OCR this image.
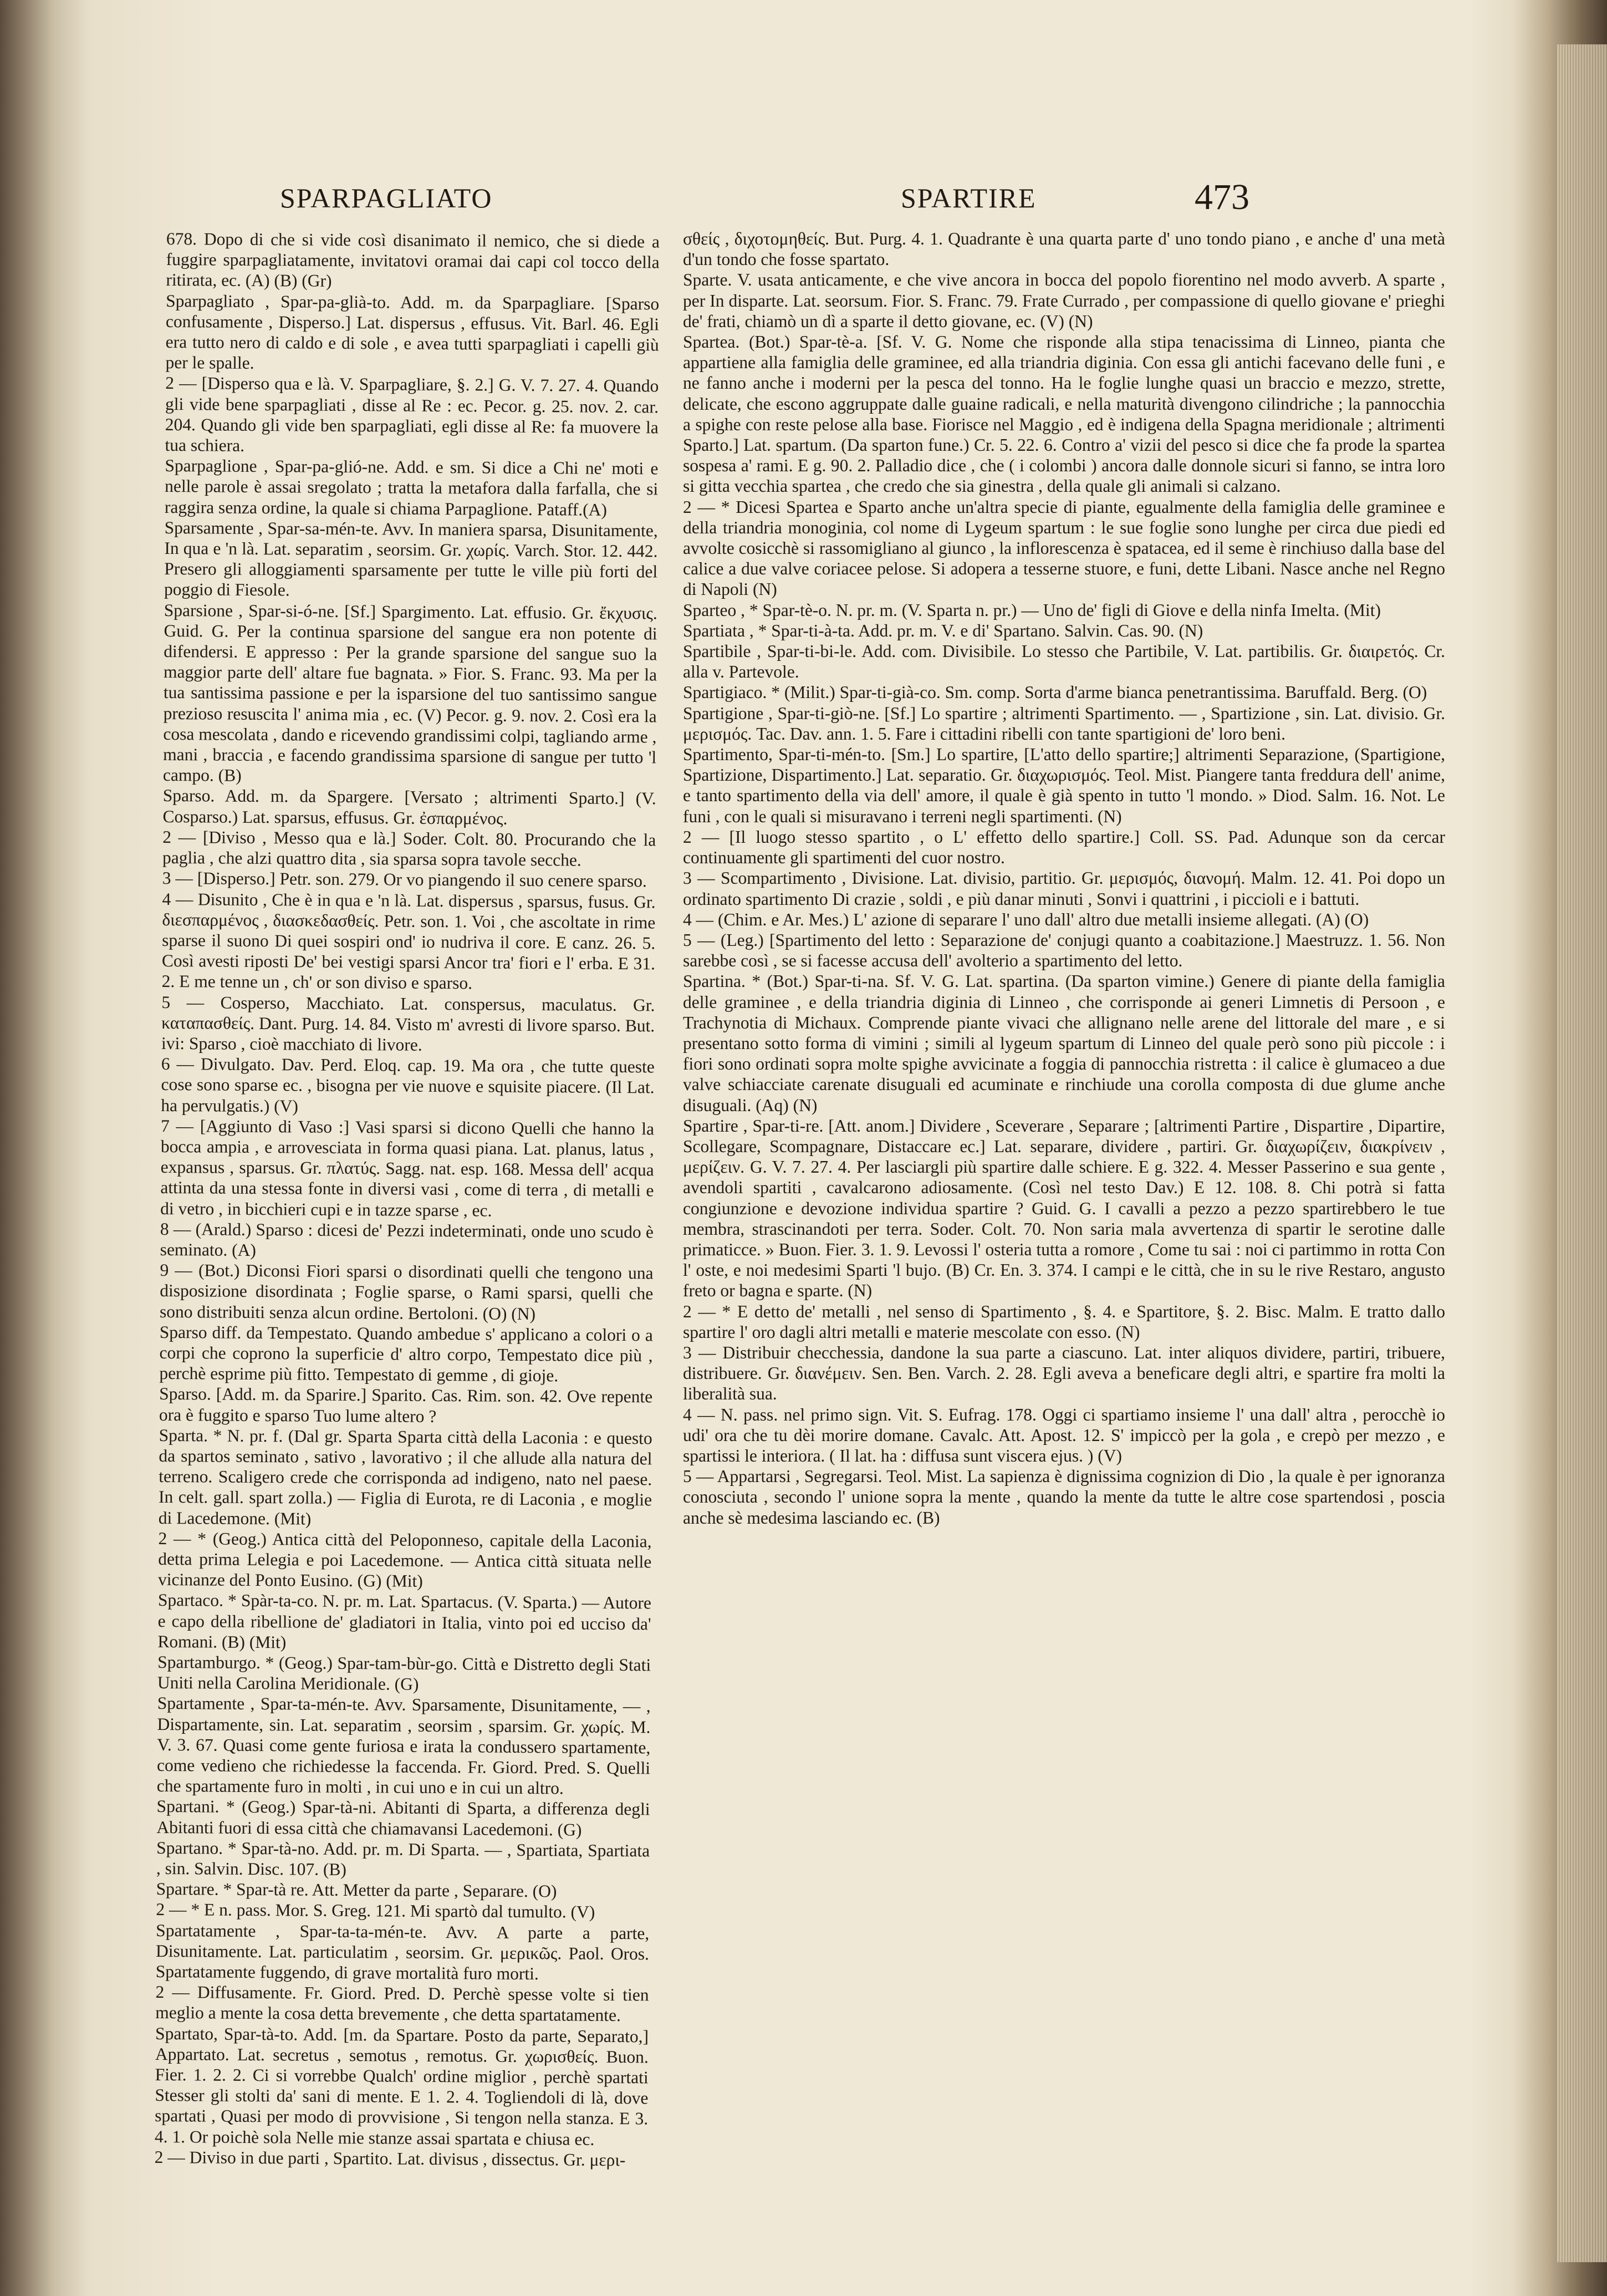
SPARPAGLIATO	SPARTIRE	473

678. Dopo di che si vide così disanimato il nemico, che si diede a fuggire sparpagliatamente, invitatovi oramai dai capi col tocco della ritirata, ec. (A) (B) (Gr)

Sparpagliato , Spar-pa-glià-to. Add. m. da Sparpagliare. [Sparso confusamente , Disperso.] Lat. dispersus , effusus. Vit. Barl. 46. Egli era tutto nero di caldo e di sole , e avea tutti sparpagliati i capelli giù per le spalle.

2 — [Disperso qua e là. V. Sparpagliare, §. 2.] G. V. 7. 27. 4. Quando gli vide bene sparpagliati , disse al Re : ec. Pecor. g. 25. nov. 2. car. 204. Quando gli vide ben sparpagliati, egli disse al Re: fa muovere la tua schiera.

Sparpaglione , Spar-pa-glió-ne. Add. e sm. Si dice a Chi ne' moti e nelle parole è assai sregolato ; tratta la metafora dalla farfalla, che si raggira senza ordine, la quale si chiama Parpaglione. Pataff.(A)

Sparsamente , Spar-sa-mén-te. Avv. In maniera sparsa, Disunitamente, In qua e 'n là. Lat. separatim , seorsim. Gr. χωρίς. Varch. Stor. 12. 442. Presero gli alloggiamenti sparsamente per tutte le ville più forti del poggio di Fiesole.

Sparsione , Spar-si-ó-ne. [Sf.] Spargimento. Lat. effusio. Gr. ἔκχυσις. Guid. G. Per la continua sparsione del sangue era non potente di difendersi. E appresso : Per la grande sparsione del sangue suo la maggior parte dell' altare fue bagnata. » Fior. S. Franc. 93. Ma per la tua santissima passione e per la isparsione del tuo santissimo sangue prezioso resuscita l' anima mia , ec. (V) Pecor. g. 9. nov. 2. Così era la cosa mescolata , dando e ricevendo grandissimi colpi, tagliando arme , mani , braccia , e facendo grandissima sparsione di sangue per tutto 'l campo. (B)

Sparso. Add. m. da Spargere. [Versato ; altrimenti Sparto.] (V. Cosparso.) Lat. sparsus, effusus. Gr. ἐσπαρμένος.

2 — [Diviso , Messo qua e là.] Soder. Colt. 80. Procurando che la paglia , che alzi quattro dita , sia sparsa sopra tavole secche.

3 — [Disperso.] Petr. son. 279. Or vo piangendo il suo cenere sparso.

4 — Disunito , Che è in qua e 'n là. Lat. dispersus , sparsus, fusus. Gr. διεσπαρμένος , διασκεδασθείς. Petr. son. 1. Voi , che ascoltate in rime sparse il suono Di quei sospiri ond' io nudriva il core. E canz. 26. 5. Così avesti riposti De' bei vestigi sparsi Ancor tra' fiori e l' erba. E 31. 2. E me tenne un , ch' or son diviso e sparso.

5 — Cosperso, Macchiato. Lat. conspersus, maculatus. Gr. καταπασθείς. Dant. Purg. 14. 84. Visto m' avresti di livore sparso. But. ivi: Sparso , cioè macchiato di livore.

6 — Divulgato. Dav. Perd. Eloq. cap. 19. Ma ora , che tutte queste cose sono sparse ec. , bisogna per vie nuove e squisite piacere. (Il Lat. ha pervulgatis.) (V)

7 — [Aggiunto di Vaso :] Vasi sparsi si dicono Quelli che hanno la bocca ampia , e arrovesciata in forma quasi piana. Lat. planus, latus , expansus , sparsus. Gr. πλατύς. Sagg. nat. esp. 168. Messa dell' acqua attinta da una stessa fonte in diversi vasi , come di terra , di metalli e di vetro , in bicchieri cupi e in tazze sparse , ec.

8 — (Arald.) Sparso : dicesi de' Pezzi indeterminati, onde uno scudo è seminato. (A)

9 — (Bot.) Diconsi Fiori sparsi o disordinati quelli che tengono una disposizione disordinata ; Foglie sparse, o Rami sparsi, quelli che sono distribuiti senza alcun ordine. Bertoloni. (O) (N)

Sparso diff. da Tempestato. Quando ambedue s' applicano a colori o a corpi che coprono la superficie d' altro corpo, Tempestato dice più , perchè esprime più fitto. Tempestato di gemme , di gioje.

Sparso. [Add. m. da Sparire.] Sparito. Cas. Rim. son. 42. Ove repente ora è fuggito e sparso Tuo lume altero ?

Sparta. * N. pr. f. (Dal gr. Sparta Sparta città della Laconia : e questo da spartos seminato , sativo , lavorativo ; il che allude alla natura del terreno. Scaligero crede che corrisponda ad indigeno, nato nel paese. In celt. gall. spart zolla.) — Figlia di Eurota, re di Laconia , e moglie di Lacedemone. (Mit)

2 — * (Geog.) Antica città del Peloponneso, capitale della Laconia, detta prima Lelegia e poi Lacedemone. — Antica città situata nelle vicinanze del Ponto Eusino. (G) (Mit)

Spartaco. * Spàr-ta-co. N. pr. m. Lat. Spartacus. (V. Sparta.) — Autore e capo della ribellione de' gladiatori in Italia, vinto poi ed ucciso da' Romani. (B) (Mit)

Spartamburgo. * (Geog.) Spar-tam-bùr-go. Città e Distretto degli Stati Uniti nella Carolina Meridionale. (G)

Spartamente , Spar-ta-mén-te. Avv. Sparsamente, Disunitamente, — , Dispartamente, sin. Lat. separatim , seorsim , sparsim. Gr. χωρίς. M. V. 3. 67. Quasi come gente furiosa e irata la condussero spartamente, come vedieno che richiedesse la faccenda. Fr. Giord. Pred. S. Quelli che spartamente furo in molti , in cui uno e in cui un altro.

Spartani. * (Geog.) Spar-tà-ni. Abitanti di Sparta, a differenza degli Abitanti fuori di essa città che chiamavansi Lacedemoni. (G)

Spartano. * Spar-tà-no. Add. pr. m. Di Sparta. — , Spartiata, Spartiata , sin. Salvin. Disc. 107. (B)

Spartare. * Spar-tà re. Att. Metter da parte , Separare. (O)

2 — * E n. pass. Mor. S. Greg. 121. Mi spartò dal tumulto. (V)

Spartatamente , Spar-ta-ta-mén-te. Avv. A parte a parte, Disunitamente. Lat. particulatim , seorsim. Gr. μερικῶς. Paol. Oros. Spartatamente fuggendo, di grave mortalità furo morti.

2 — Diffusamente. Fr. Giord. Pred. D. Perchè spesse volte si tien meglio a mente la cosa detta brevemente , che detta spartatamente.

Spartato, Spar-tà-to. Add. [m. da Spartare. Posto da parte, Separato,] Appartato. Lat. secretus , semotus , remotus. Gr. χωρισθείς. Buon. Fier. 1. 2. 2. Ci si vorrebbe Qualch' ordine miglior , perchè spartati Stesser gli stolti da' sani di mente. E 1. 2. 4. Togliendoli di là, dove spartati , Quasi per modo di provvisione , Si tengon nella stanza. E 3. 4. 1. Or poichè sola Nelle mie stanze assai spartata e chiusa ec.

2 — Diviso in due parti , Spartito. Lat. divisus , dissectus. Gr. μερι-

σθείς , διχοτομηθείς. But. Purg. 4. 1. Quadrante è una quarta parte d' uno tondo piano , e anche d' una metà d'un tondo che fosse spartato.

Sparte. V. usata anticamente, e che vive ancora in bocca del popolo fiorentino nel modo avverb. A sparte , per In disparte. Lat. seorsum. Fior. S. Franc. 79. Frate Currado , per compassione di quello giovane e' prieghi de' frati, chiamò un dì a sparte il detto giovane, ec. (V) (N)

Spartea. (Bot.) Spar-tè-a. [Sf. V. G. Nome che risponde alla stipa tenacissima di Linneo, pianta che appartiene alla famiglia delle graminee, ed alla triandria diginia. Con essa gli antichi facevano delle funi , e ne fanno anche i moderni per la pesca del tonno. Ha le foglie lunghe quasi un braccio e mezzo, strette, delicate, che escono aggruppate dalle guaine radicali, e nella maturità divengono cilindriche ; la pannocchia a spighe con reste pelose alla base. Fiorisce nel Maggio , ed è indigena della Spagna meridionale ; altrimenti Sparto.] Lat. spartum. (Da sparton fune.) Cr. 5. 22. 6. Contro a' vizii del pesco si dice che fa prode la spartea sospesa a' rami. E g. 90. 2. Palladio dice , che ( i colombi ) ancora dalle donnole sicuri si fanno, se intra loro si gitta vecchia spartea , che credo che sia ginestra , della quale gli animali si calzano.

2 — * Dicesi Spartea e Sparto anche un'altra specie di piante, egualmente della famiglia delle graminee e della triandria monoginia, col nome di Lygeum spartum : le sue foglie sono lunghe per circa due piedi ed avvolte cosicchè si rassomigliano al giunco , la inflorescenza è spatacea, ed il seme è rinchiuso dalla base del calice a due valve coriacee pelose. Si adopera a tesserne stuore, e funi, dette Libani. Nasce anche nel Regno di Napoli (N)

Sparteo , * Spar-tè-o. N. pr. m. (V. Sparta n. pr.) — Uno de' figli di Giove e della ninfa Imelta. (Mit)

Spartiata , * Spar-ti-à-ta. Add. pr. m. V. e di' Spartano. Salvin. Cas. 90. (N)

Spartibile , Spar-ti-bi-le. Add. com. Divisibile. Lo stesso che Partibile, V. Lat. partibilis. Gr. διαιρετός. Cr. alla v. Partevole.

Spartigiaco. * (Milit.) Spar-ti-già-co. Sm. comp. Sorta d'arme bianca penetrantissima. Baruffald. Berg. (O)

Spartigione , Spar-ti-giò-ne. [Sf.] Lo spartire ; altrimenti Spartimento. — , Spartizione , sin. Lat. divisio. Gr. μερισμός. Tac. Dav. ann. 1. 5. Fare i cittadini ribelli con tante spartigioni de' loro beni.

Spartimento, Spar-ti-mén-to. [Sm.] Lo spartire, [L'atto dello spartire;] altrimenti Separazione, (Spartigione, Spartizione, Dispartimento.] Lat. separatio. Gr. διαχωρισμός. Teol. Mist. Piangere tanta freddura dell' anime, e tanto spartimento della via dell' amore, il quale è già spento in tutto 'l mondo. » Diod. Salm. 16. Not. Le funi , con le quali si misuravano i terreni negli spartimenti. (N)

2 — [Il luogo stesso spartito , o L' effetto dello spartire.] Coll. SS. Pad. Adunque son da cercar continuamente gli spartimenti del cuor nostro.

3 — Scompartimento , Divisione. Lat. divisio, partitio. Gr. μερισμός, διανομή. Malm. 12. 41. Poi dopo un ordinato spartimento Di crazie , soldi , e più danar minuti , Sonvi i quattrini , i piccioli e i battuti.

4 — (Chim. e Ar. Mes.) L' azione di separare l' uno dall' altro due metalli insieme allegati. (A) (O)

5 — (Leg.) [Spartimento del letto : Separazione de' conjugi quanto a coabitazione.] Maestruzz. 1. 56. Non sarebbe così , se si facesse accusa dell' avolterio a spartimento del letto.

Spartina. * (Bot.) Spar-ti-na. Sf. V. G. Lat. spartina. (Da sparton vimine.) Genere di piante della famiglia delle graminee , e della triandria diginia di Linneo , che corrisponde ai generi Limnetis di Persoon , e Trachynotia di Michaux. Comprende piante vivaci che allignano nelle arene del littorale del mare , e si presentano sotto forma di vimini ; simili al lygeum spartum di Linneo del quale però sono più piccole : i fiori sono ordinati sopra molte spighe avvicinate a foggia di pannocchia ristretta : il calice è glumaceo a due valve schiacciate carenate disuguali ed acuminate e rinchiude una corolla composta di due glume anche disuguali. (Aq) (N)

Spartire , Spar-ti-re. [Att. anom.] Dividere , Sceverare , Separare ; [altrimenti Partire , Dispartire , Dipartire, Scollegare, Scompagnare, Distaccare ec.] Lat. separare, dividere , partiri. Gr. διαχωρίζειν, διακρίνειν , μερίζειν. G. V. 7. 27. 4. Per lasciargli più spartire dalle schiere. E g. 322. 4. Messer Passerino e sua gente , avendoli spartiti , cavalcarono adiosamente. (Così nel testo Dav.) E 12. 108. 8. Chi potrà si fatta congiunzione e devozione individua spartire ? Guid. G. I cavalli a pezzo a pezzo spartirebbero le tue membra, strascinandoti per terra. Soder. Colt. 70. Non saria mala avvertenza di spartir le serotine dalle primaticce. » Buon. Fier. 3. 1. 9. Levossi l' osteria tutta a romore , Come tu sai : noi ci partimmo in rotta Con l' oste, e noi medesimi Sparti 'l bujo. (B) Cr. En. 3. 374. I campi e le città, che in su le rive Restaro, angusto freto or bagna e sparte. (N)

2 — * E detto de' metalli , nel senso di Spartimento , §. 4. e Spartitore, §. 2. Bisc. Malm. E tratto dallo spartire l' oro dagli altri metalli e materie mescolate con esso. (N)

3 — Distribuir checchessia, dandone la sua parte a ciascuno. Lat. inter aliquos dividere, partiri, tribuere, distribuere. Gr. διανέμειν. Sen. Ben. Varch. 2. 28. Egli aveva a beneficare degli altri, e spartire fra molti la liberalità sua.

4 — N. pass. nel primo sign. Vit. S. Eufrag. 178. Oggi ci spartiamo insieme l' una dall' altra , perocchè io udi' ora che tu dèi morire domane. Cavalc. Att. Apost. 12. S' impiccò per la gola , e crepò per mezzo , e spartissi le interiora. ( Il lat. ha : diffusa sunt viscera ejus. ) (V)

5 — Appartarsi , Segregarsi. Teol. Mist. La sapienza è dignissima cognizion di Dio , la quale è per ignoranza conosciuta , secondo l' unione sopra la mente , quando la mente da tutte le altre cose spartendosi , poscia anche sè medesima lasciando ec. (B)
